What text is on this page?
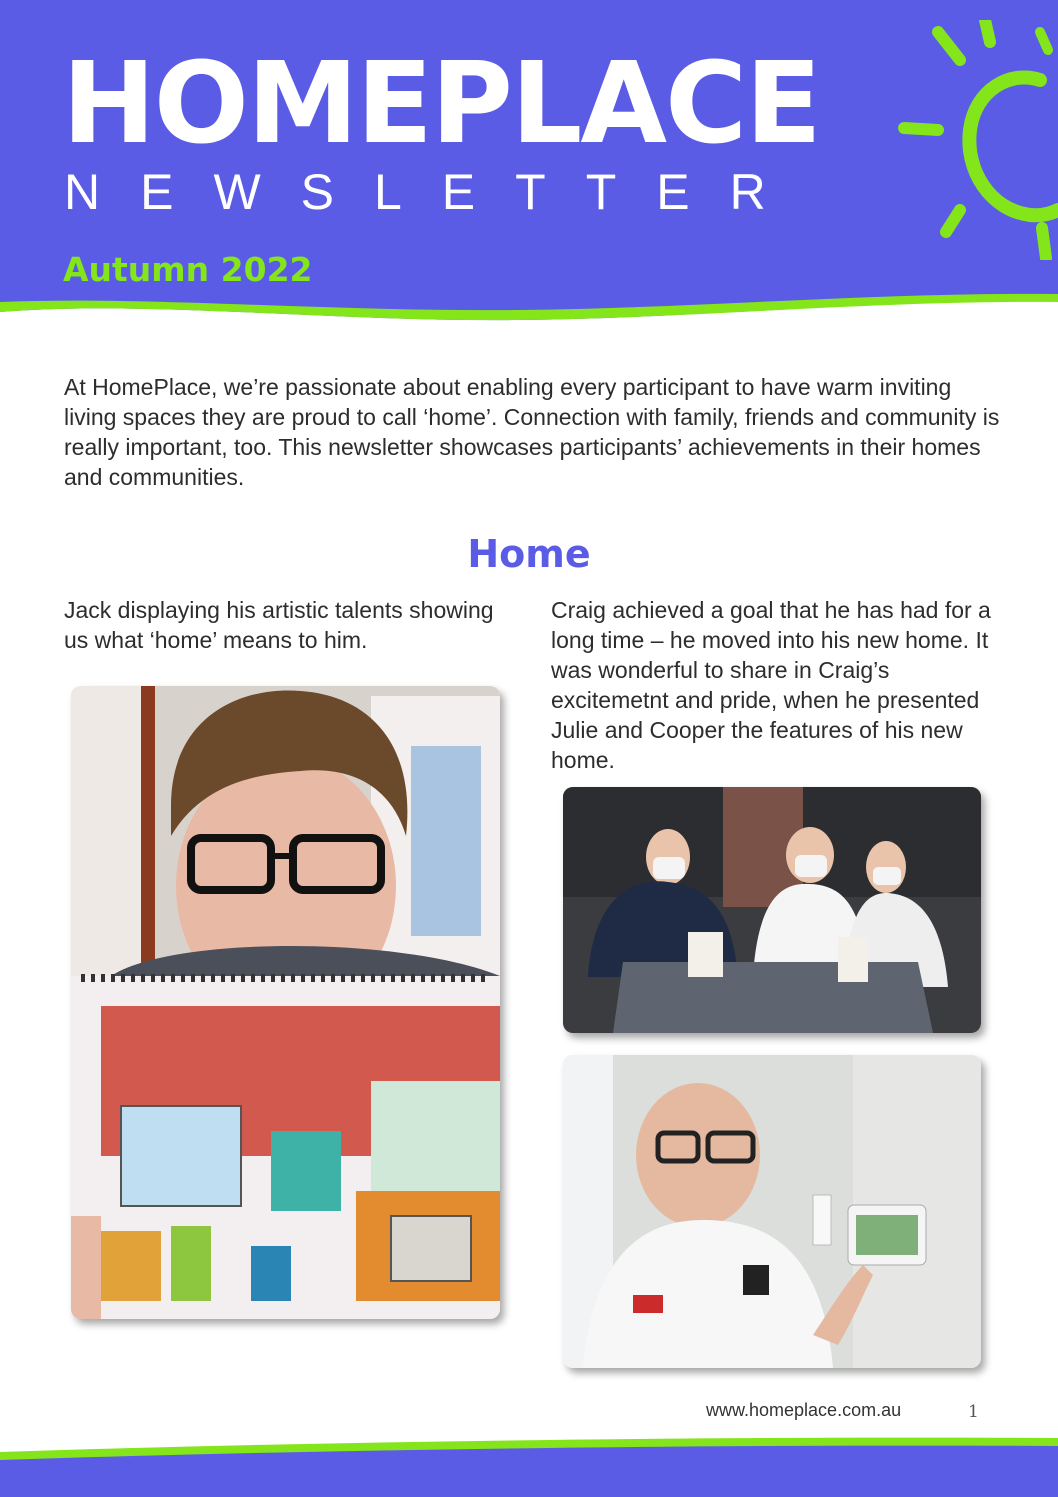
HOMEPLACE
NEWSLETTER
Autumn 2022

At HomePlace, we’re passionate about enabling every participant to have warm inviting living spaces they are proud to call ‘home’. Connection with family, friends and community is really important, too. This newsletter showcases participants’ achievements in their homes and communities.

Home

Jack displaying his artistic talents showing us what ‘home’ means to him.

Craig achieved a goal that he has had for a long time – he moved into his new home. It was wonderful to share in Craig’s excitemetnt and pride, when he presented Julie and Cooper the features of his new home.

www.homeplace.com.au	1
